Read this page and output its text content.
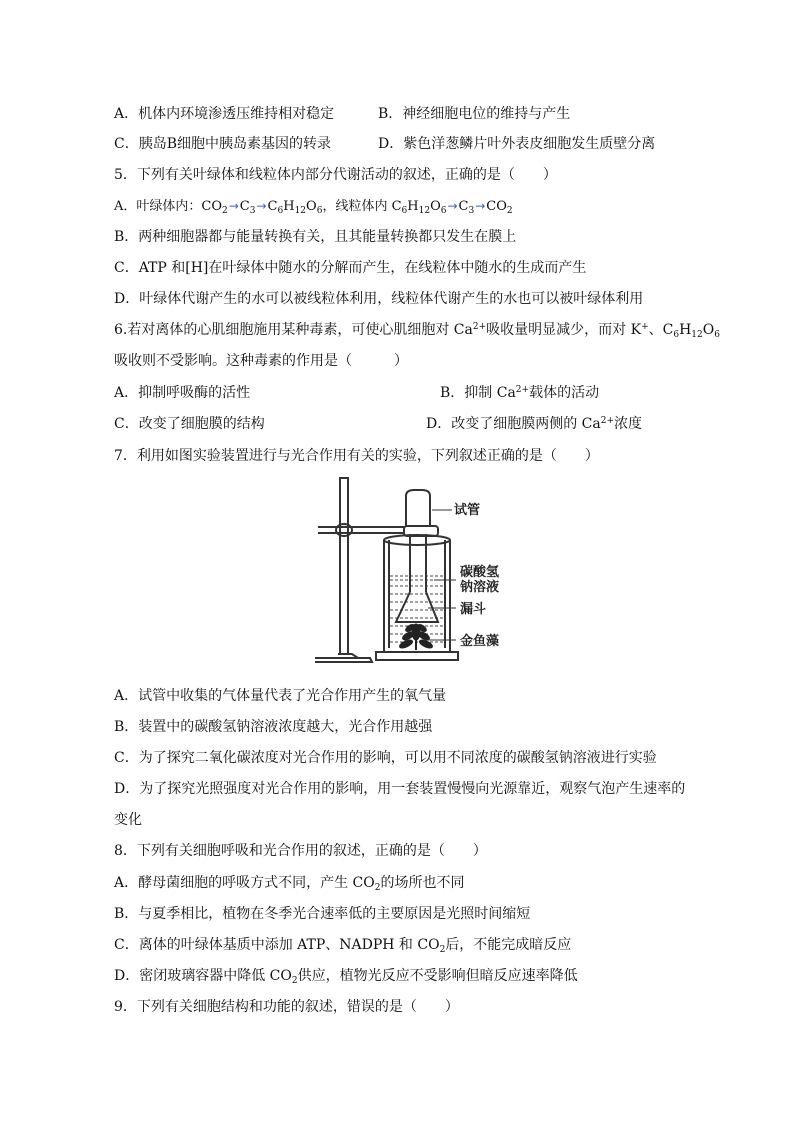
A．机体内环境渗透压维持相对稳定	B．神经细胞电位的维持与产生
C．胰岛B细胞中胰岛素基因的转录	D．紫色洋葱鳞片叶外表皮细胞发生质壁分离
5．下列有关叶绿体和线粒体内部分代谢活动的叙述，正确的是（　　）
A．叶绿体内：$CO_2\to C_3\to C_6H_{12}O_6$，线粒体内 $C_6H_{12}O_6\to C_3\to CO_2$
B．两种细胞器都与能量转换有关，且其能量转换都只发生在膜上
C．ATP 和[H]在叶绿体中随水的分解而产生，在线粒体中随水的生成而产生
D．叶绿体代谢产生的水可以被线粒体利用，线粒体代谢产生的水也可以被叶绿体利用
6.若对离体的心肌细胞施用某种毒素，可使心肌细胞对 $Ca^{2+}$吸收量明显减少，而对 K+、$C_6H_{12}O_6$
吸收则不受影响。这种毒素的作用是（　　　）
A．抑制呼吸酶的活性	B．抑制 $Ca^{2+}$载体的活动
C．改变了细胞膜的结构	D．改变了细胞膜两侧的 $Ca^{2+}$浓度
7．利用如图实验装置进行与光合作用有关的实验，下列叙述正确的是（　　）
试管
碳酸氢
钠溶液
漏斗
金鱼藻
A．试管中收集的气体量代表了光合作用产生的氧气量
B．装置中的碳酸氢钠溶液浓度越大，光合作用越强
C．为了探究二氧化碳浓度对光合作用的影响，可以用不同浓度的碳酸氢钠溶液进行实验
D．为了探究光照强度对光合作用的影响，用一套装置慢慢向光源靠近，观察气泡产生速率的
变化
8．下列有关细胞呼吸和光合作用的叙述，正确的是（　　）
A．酵母菌细胞的呼吸方式不同，产生 $CO_2$的场所也不同
B．与夏季相比，植物在冬季光合速率低的主要原因是光照时间缩短
C．离体的叶绿体基质中添加 ATP、NADPH 和 $CO_2$后，不能完成暗反应
D．密闭玻璃容器中降低 $CO_2$供应，植物光反应不受影响但暗反应速率降低
9．下列有关细胞结构和功能的叙述，错误的是（　　）
